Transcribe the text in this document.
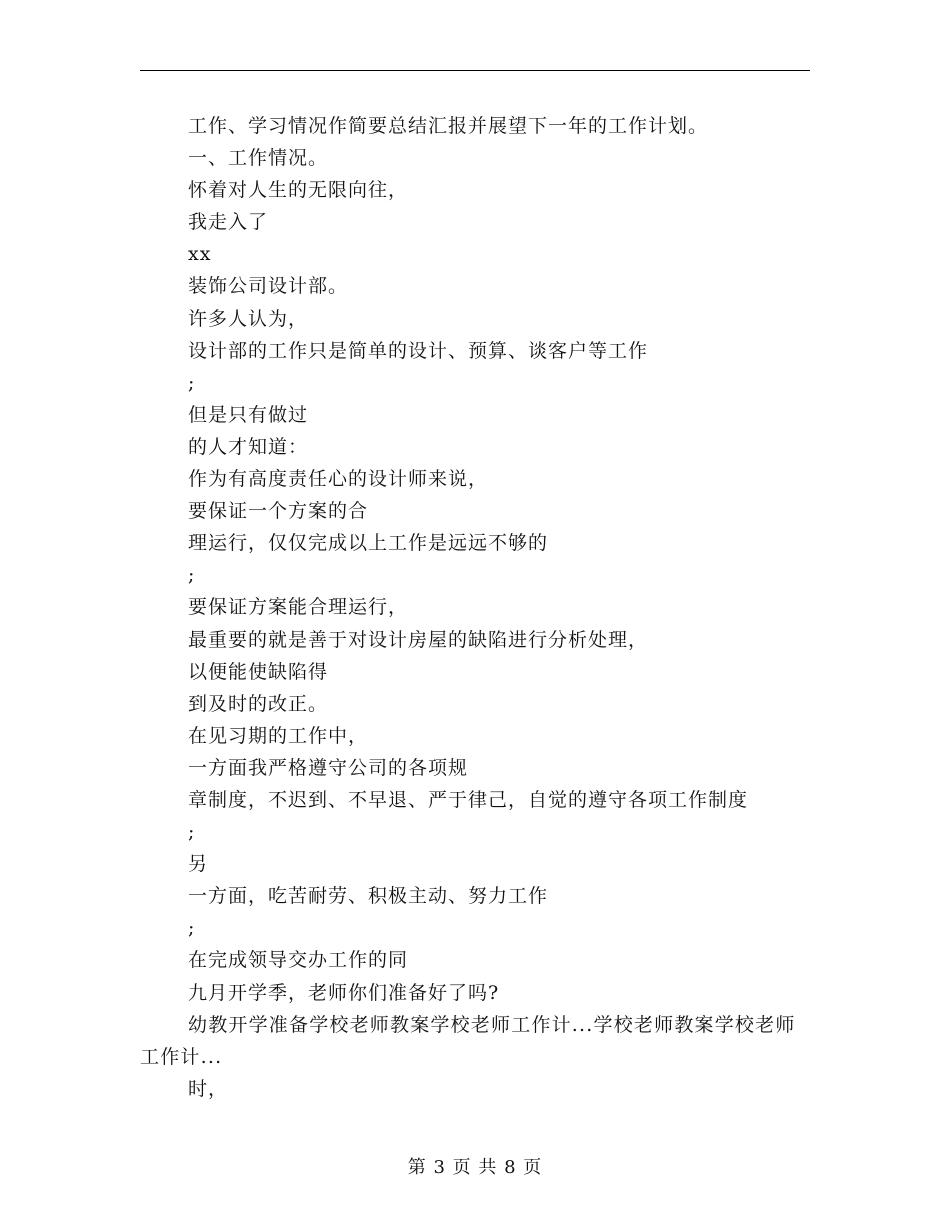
工作、学习情况作简要总结汇报并展望下一年的工作计划。
一、工作情况。
怀着对人生的无限向往，
我走入了
xx
装饰公司设计部。
许多人认为，
设计部的工作只是简单的设计、预算、谈客户等工作
;
但是只有做过
的人才知道：
作为有高度责任心的设计师来说，
要保证一个方案的合
理运行，仅仅完成以上工作是远远不够的
;
要保证方案能合理运行，
最重要的就是善于对设计房屋的缺陷进行分析处理，
以便能使缺陷得
到及时的改正。
在见习期的工作中，
一方面我严格遵守公司的各项规
章制度，不迟到、不早退、严于律己，自觉的遵守各项工作制度
;
另
一方面，吃苦耐劳、积极主动、努力工作
;
在完成领导交办工作的同
九月开学季，老师你们准备好了吗?
幼教开学准备学校老师教案学校老师工作计...学校老师教案学校老师工作计...
时，
第 3 页 共 8 页
